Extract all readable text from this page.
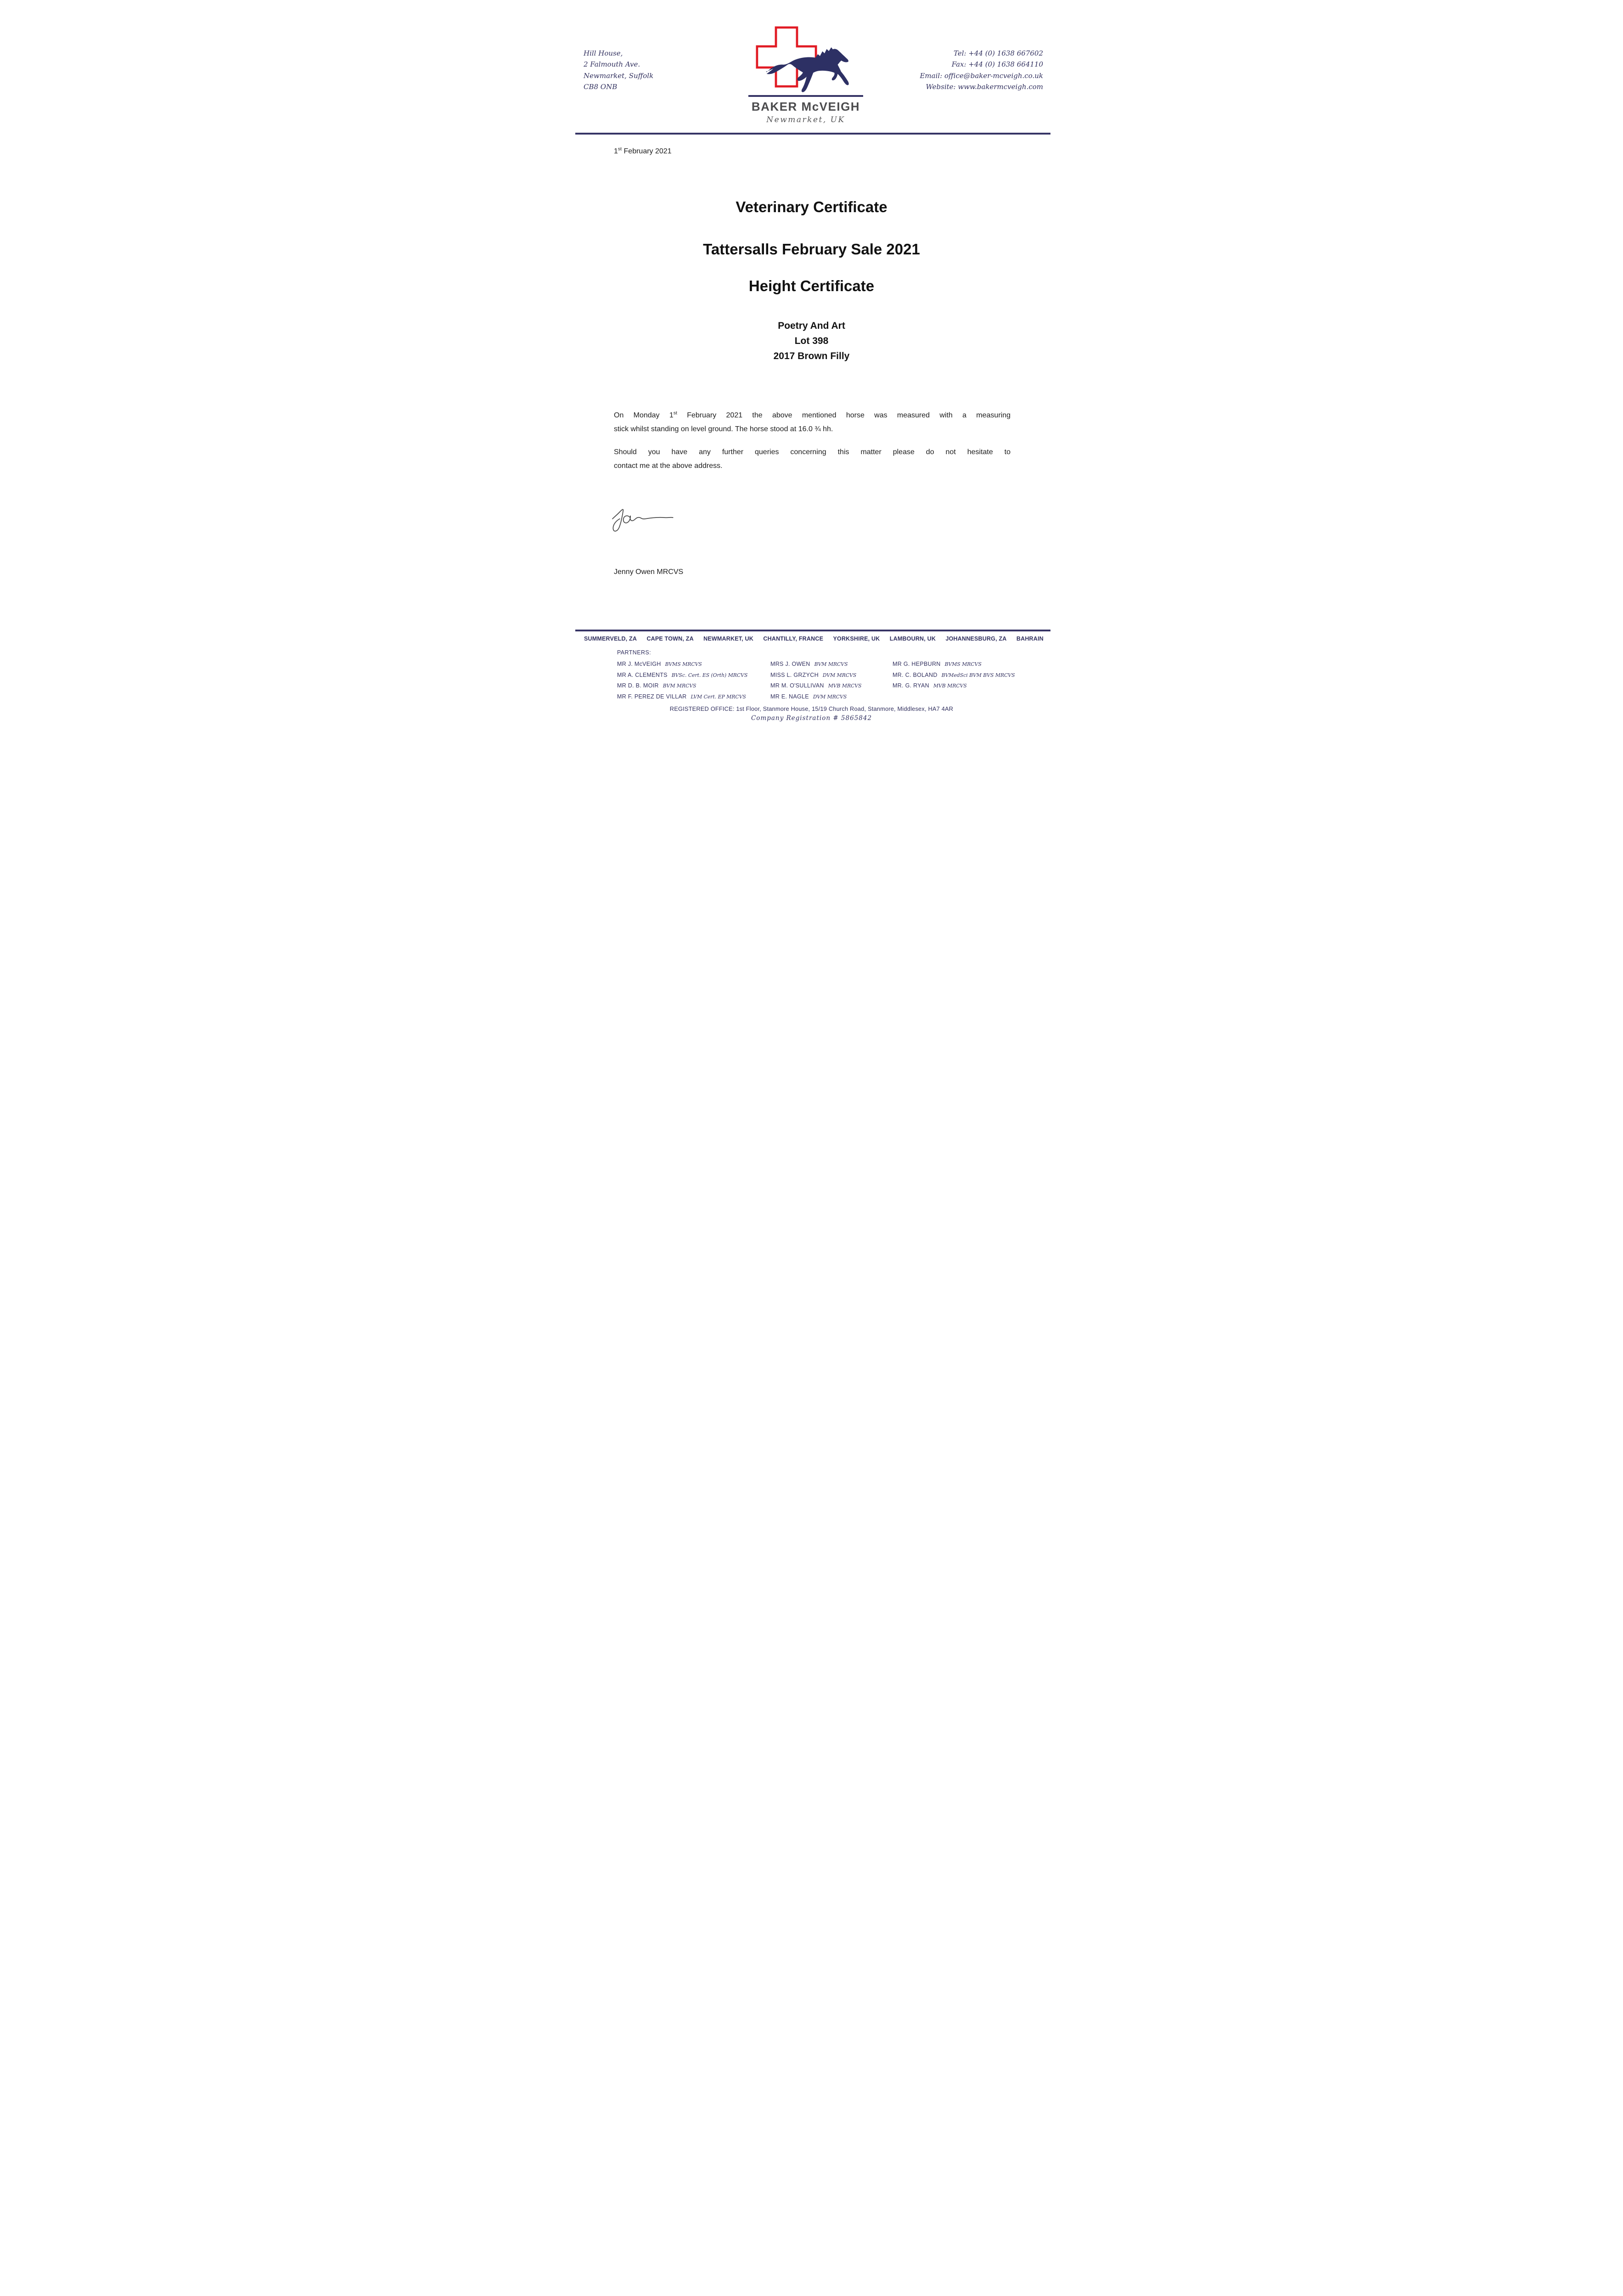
Hill House,
2 Falmouth Ave.
Newmarket, Suffolk
CB8 ONB
BAKER McVEIGH
Newmarket, UK
Tel: +44 (0) 1638 667602
Fax: +44 (0) 1638 664110
Email: office@baker-mcveigh.co.uk
Website: www.bakermcveigh.com
1st February 2021
Veterinary Certificate
Tattersalls February Sale 2021
Height Certificate
Poetry And Art
Lot 398
2017 Brown Filly
On Monday 1st February 2021 the above mentioned horse was measured with a measuring
stick whilst standing on level ground. The horse stood at 16.0 ¾ hh.
Should you have any further queries concerning this matter please do not hesitate to
contact me at the above address.
Jenny Owen MRCVS
SUMMERVELD, ZA CAPE TOWN, ZA NEWMARKET, UK CHANTILLY, FRANCE YORKSHIRE, UK LAMBOURN, UK JOHANNESBURG, ZA BAHRAIN
PARTNERS:
MR J. McVEIGH BVMS MRCVS
MR A. CLEMENTS BVSc. Cert. ES (Orth) MRCVS
MR D. B. MOIR BVM MRCVS
MR F. PEREZ DE VILLAR LVM Cert. EP MRCVS
MRS J. OWEN BVM MRCVS
MISS L. GRZYCH DVM MRCVS
MR M. O'SULLIVAN MVB MRCVS
MR E. NAGLE DVM MRCVS
MR G. HEPBURN BVMS MRCVS
MR. C. BOLAND BVMedSci BVM BVS MRCVS
MR. G. RYAN MVB MRCVS
REGISTERED OFFICE: 1st Floor, Stanmore House, 15/19 Church Road, Stanmore, Middlesex, HA7 4AR
Company Registration # 5865842
